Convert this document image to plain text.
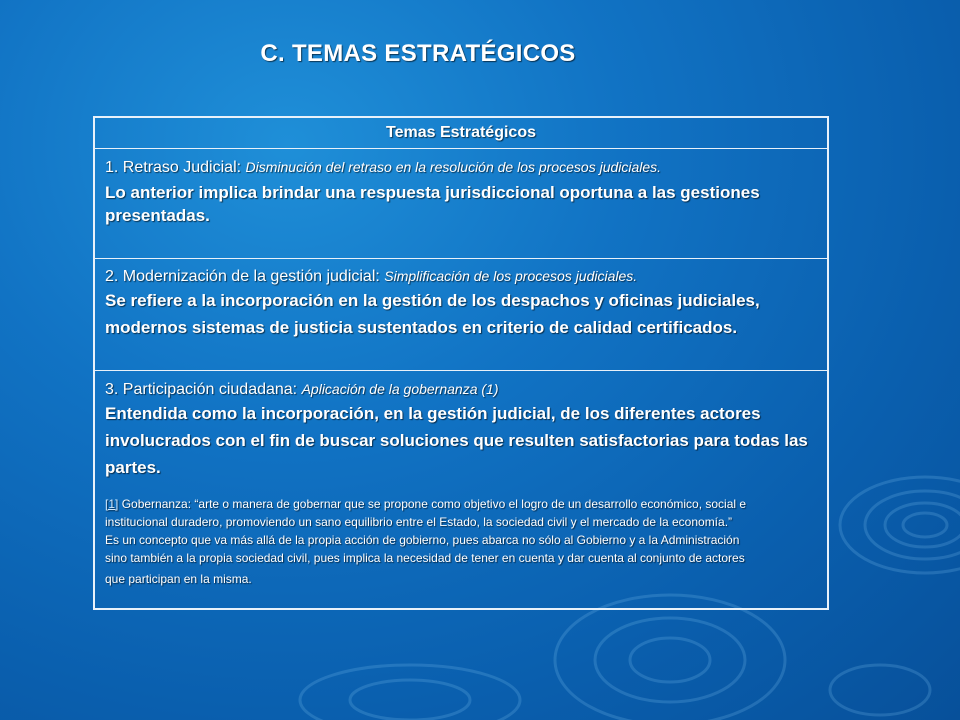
C. TEMAS ESTRATÉGICOS
Temas Estratégicos
1. Retraso Judicial: Disminución del retraso en la resolución de los procesos judiciales.
Lo anterior implica brindar una respuesta jurisdiccional oportuna a las gestiones presentadas.
2. Modernización de la gestión judicial: Simplificación de los procesos judiciales.
Se refiere a la incorporación en la gestión de los despachos y oficinas judiciales,
modernos sistemas de justicia sustentados en criterio de calidad certificados.
3. Participación ciudadana: Aplicación de la gobernanza (1)
Entendida como la incorporación, en la gestión judicial, de los diferentes actores
involucrados con el fin de buscar soluciones que resulten satisfactorias para todas las
partes.
[1] Gobernanza: “arte o manera de gobernar que se propone como objetivo el logro de un desarrollo económico, social e
institucional duradero, promoviendo un sano equilibrio entre el Estado, la sociedad civil y el mercado de la economía.”
Es un concepto que va más allá de la propia acción de gobierno, pues abarca no sólo al Gobierno y a la Administración
sino también a la propia sociedad civil, pues implica la necesidad de tener en cuenta y dar cuenta al conjunto de actores

que participan en la misma.
